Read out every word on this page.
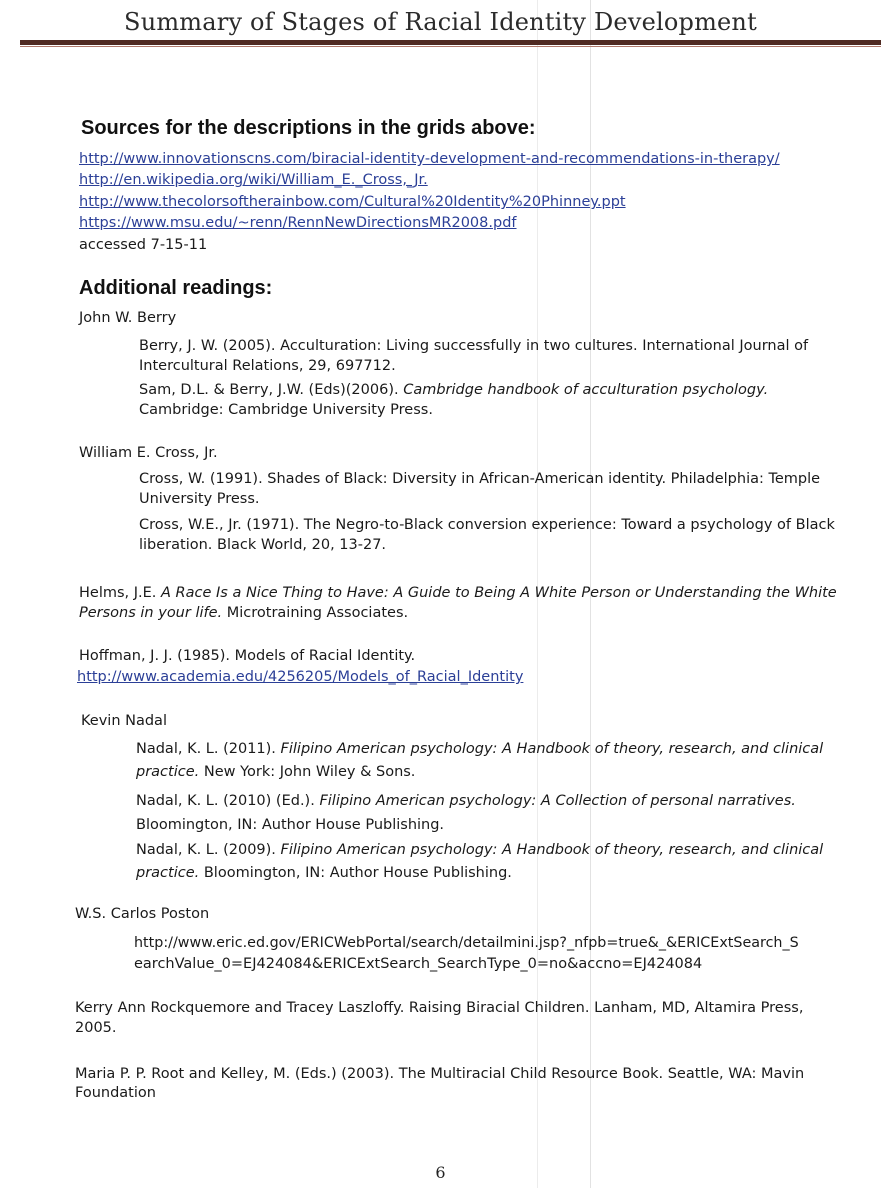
Summary of Stages of Racial Identity Development
Sources for the descriptions in the grids above:
http://www.innovationscns.com/biracial-identity-development-and-recommendations-in-therapy/
http://en.wikipedia.org/wiki/William_E._Cross,_Jr.
http://www.thecolorsoftherainbow.com/Cultural%20Identity%20Phinney.ppt
https://www.msu.edu/~renn/RennNewDirectionsMR2008.pdf
accessed 7-15-11
Additional readings:
John W. Berry
Berry, J. W. (2005). Acculturation: Living successfully in two cultures. International Journal of
Intercultural Relations, 29, 697712.
Sam, D.L. & Berry, J.W. (Eds)(2006). Cambridge handbook of acculturation psychology.
Cambridge: Cambridge University Press.
William E. Cross, Jr.
Cross, W. (1991). Shades of Black: Diversity in African-American identity. Philadelphia: Temple
University Press.
Cross, W.E., Jr. (1971). The Negro-to-Black conversion experience: Toward a psychology of Black
liberation. Black World, 20, 13-27.
Helms, J.E. A Race Is a Nice Thing to Have: A Guide to Being A White Person or Understanding the White
Persons in your life. Microtraining Associates.
Hoffman, J. J. (1985). Models of Racial Identity.
http://www.academia.edu/4256205/Models_of_Racial_Identity
Kevin Nadal
Nadal, K. L. (2011). Filipino American psychology: A Handbook of theory, research, and clinical
practice. New York: John Wiley & Sons.
Nadal, K. L. (2010) (Ed.). Filipino American psychology: A Collection of personal narratives.
Bloomington, IN: Author House Publishing.
Nadal, K. L. (2009). Filipino American psychology: A Handbook of theory, research, and clinical
practice. Bloomington, IN: Author House Publishing.
W.S. Carlos Poston
http://www.eric.ed.gov/ERICWebPortal/search/detailmini.jsp?_nfpb=true&_&ERICExtSearch_S
earchValue_0=EJ424084&ERICExtSearch_SearchType_0=no&accno=EJ424084
Kerry Ann Rockquemore and Tracey Laszloffy. Raising Biracial Children. Lanham, MD, Altamira Press,
2005.
Maria P. P. Root and Kelley, M. (Eds.) (2003). The Multiracial Child Resource Book. Seattle, WA: Mavin
Foundation
6
